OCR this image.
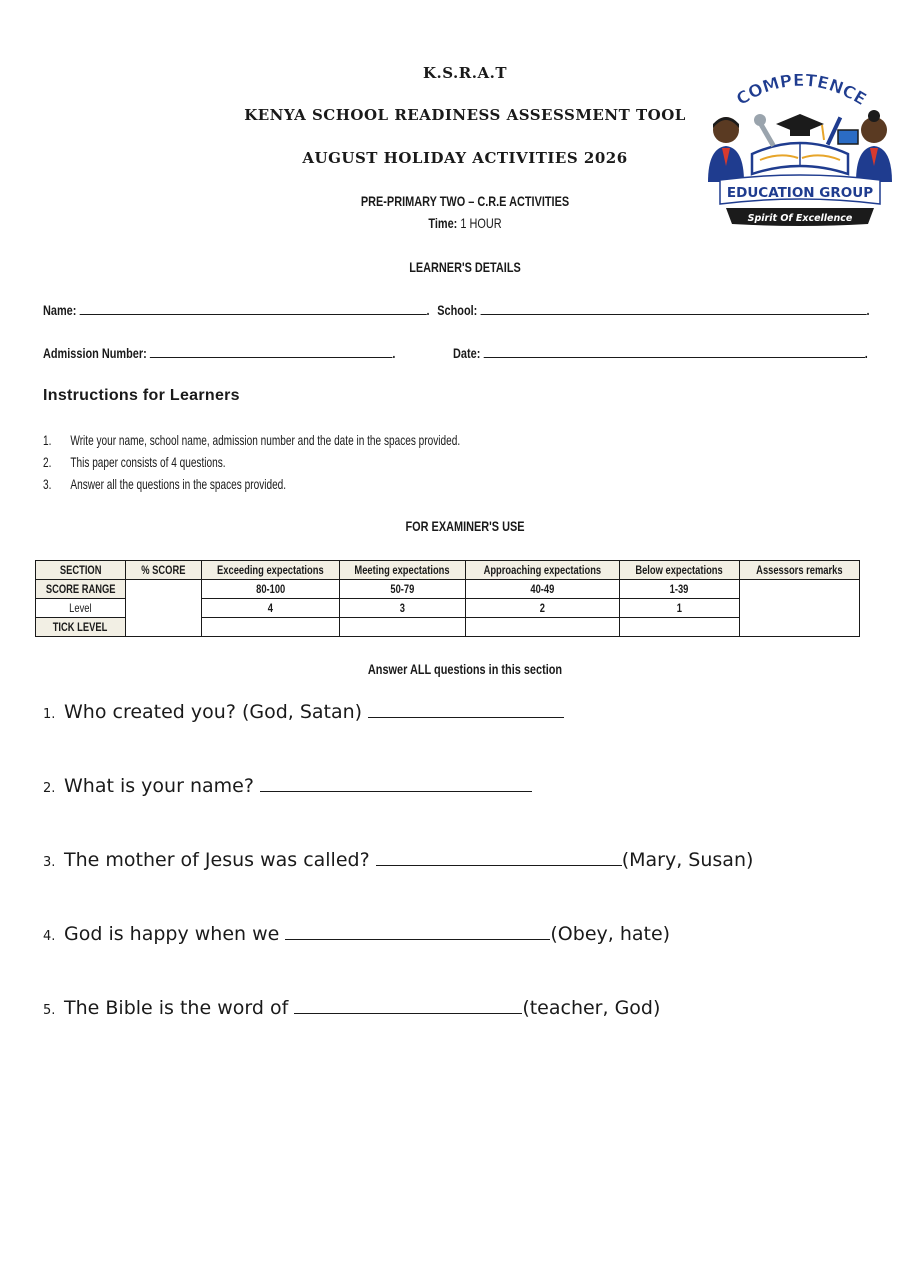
K.S.R.A.T
KENYA SCHOOL READINESS ASSESSMENT TOOL
AUGUST HOLIDAY ACTIVITIES 2026
PRE-PRIMARY TWO – C.R.E ACTIVITIES
Time: 1 HOUR
COMPETENCE
EDUCATION GROUP
Spirit Of Excellence
LEARNER'S DETAILS
Name:	. School:	.
Admission Number:	.	Date:	.
Instructions for Learners
1. Write your name, school name, admission number and the date in the spaces provided.
2. This paper consists of 4 questions.
3. Answer all the questions in the spaces provided.
FOR EXAMINER'S USE
SECTION	% SCORE	Exceeding expectations	Meeting expectations	Approaching expectations	Below expectations	Assessors remarks
SCORE RANGE		80-100	50-79	40-49	1-39	
Level		4	3	2	1	
TICK LEVEL						
Answer ALL questions in this section
1. Who created you? (God, Satan)
2. What is your name?
3. The mother of Jesus was called?	(Mary, Susan)
4. God is happy when we	(Obey, hate)
5. The Bible is the word of	(teacher, God)
